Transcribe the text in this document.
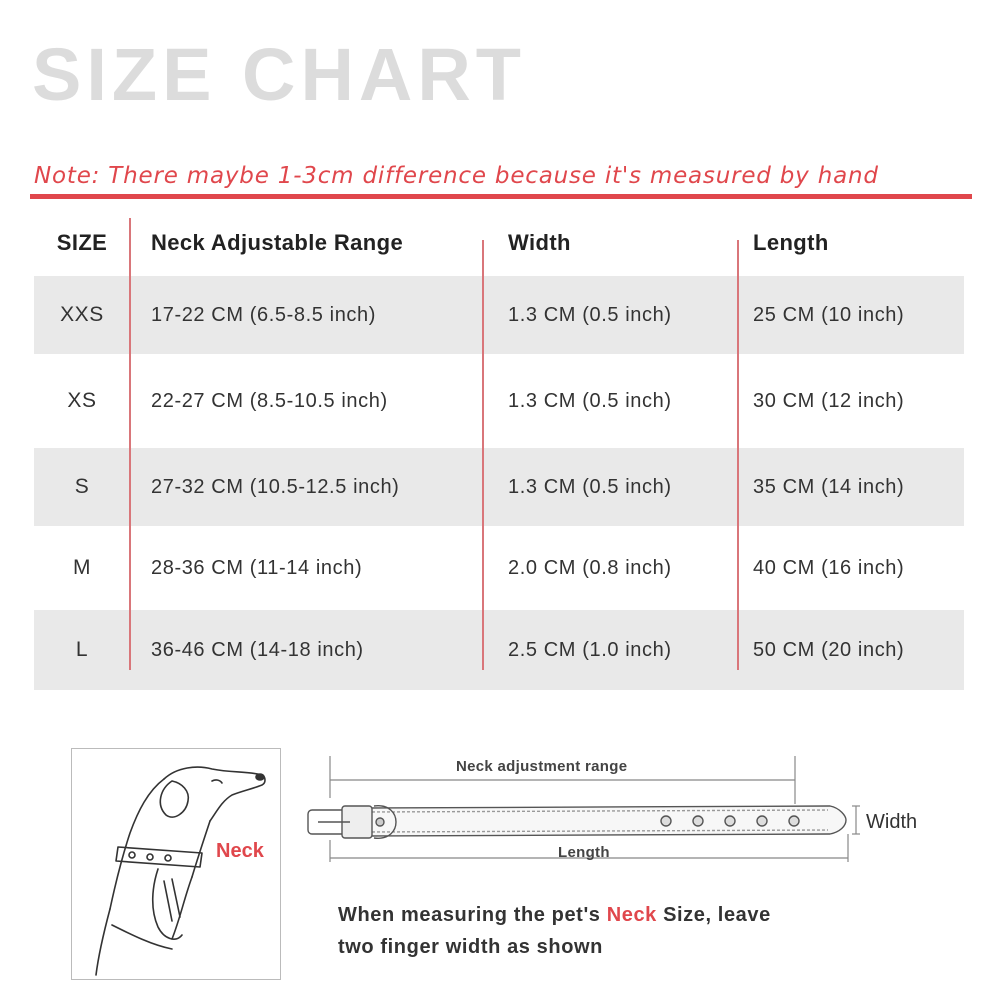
SIZE CHART
Note: There maybe 1-3cm difference because it's measured by hand
SIZE	Neck Adjustable Range	Width	Length
XXS	17-22 CM (6.5-8.5 inch)	1.3 CM (0.5 inch)	25 CM (10 inch)
XS	22-27 CM (8.5-10.5 inch)	1.3 CM (0.5 inch)	30 CM (12 inch)
S	27-32 CM (10.5-12.5 inch)	1.3 CM (0.5 inch)	35 CM (14 inch)
M	28-36 CM (11-14 inch)	2.0 CM (0.8 inch)	40 CM (16 inch)
L	36-46 CM (14-18 inch)	2.5 CM (1.0 inch)	50 CM (20 inch)
Neck
Neck adjustment range
Length
Width
When measuring the pet's Neck Size, leave
two finger width as shown
